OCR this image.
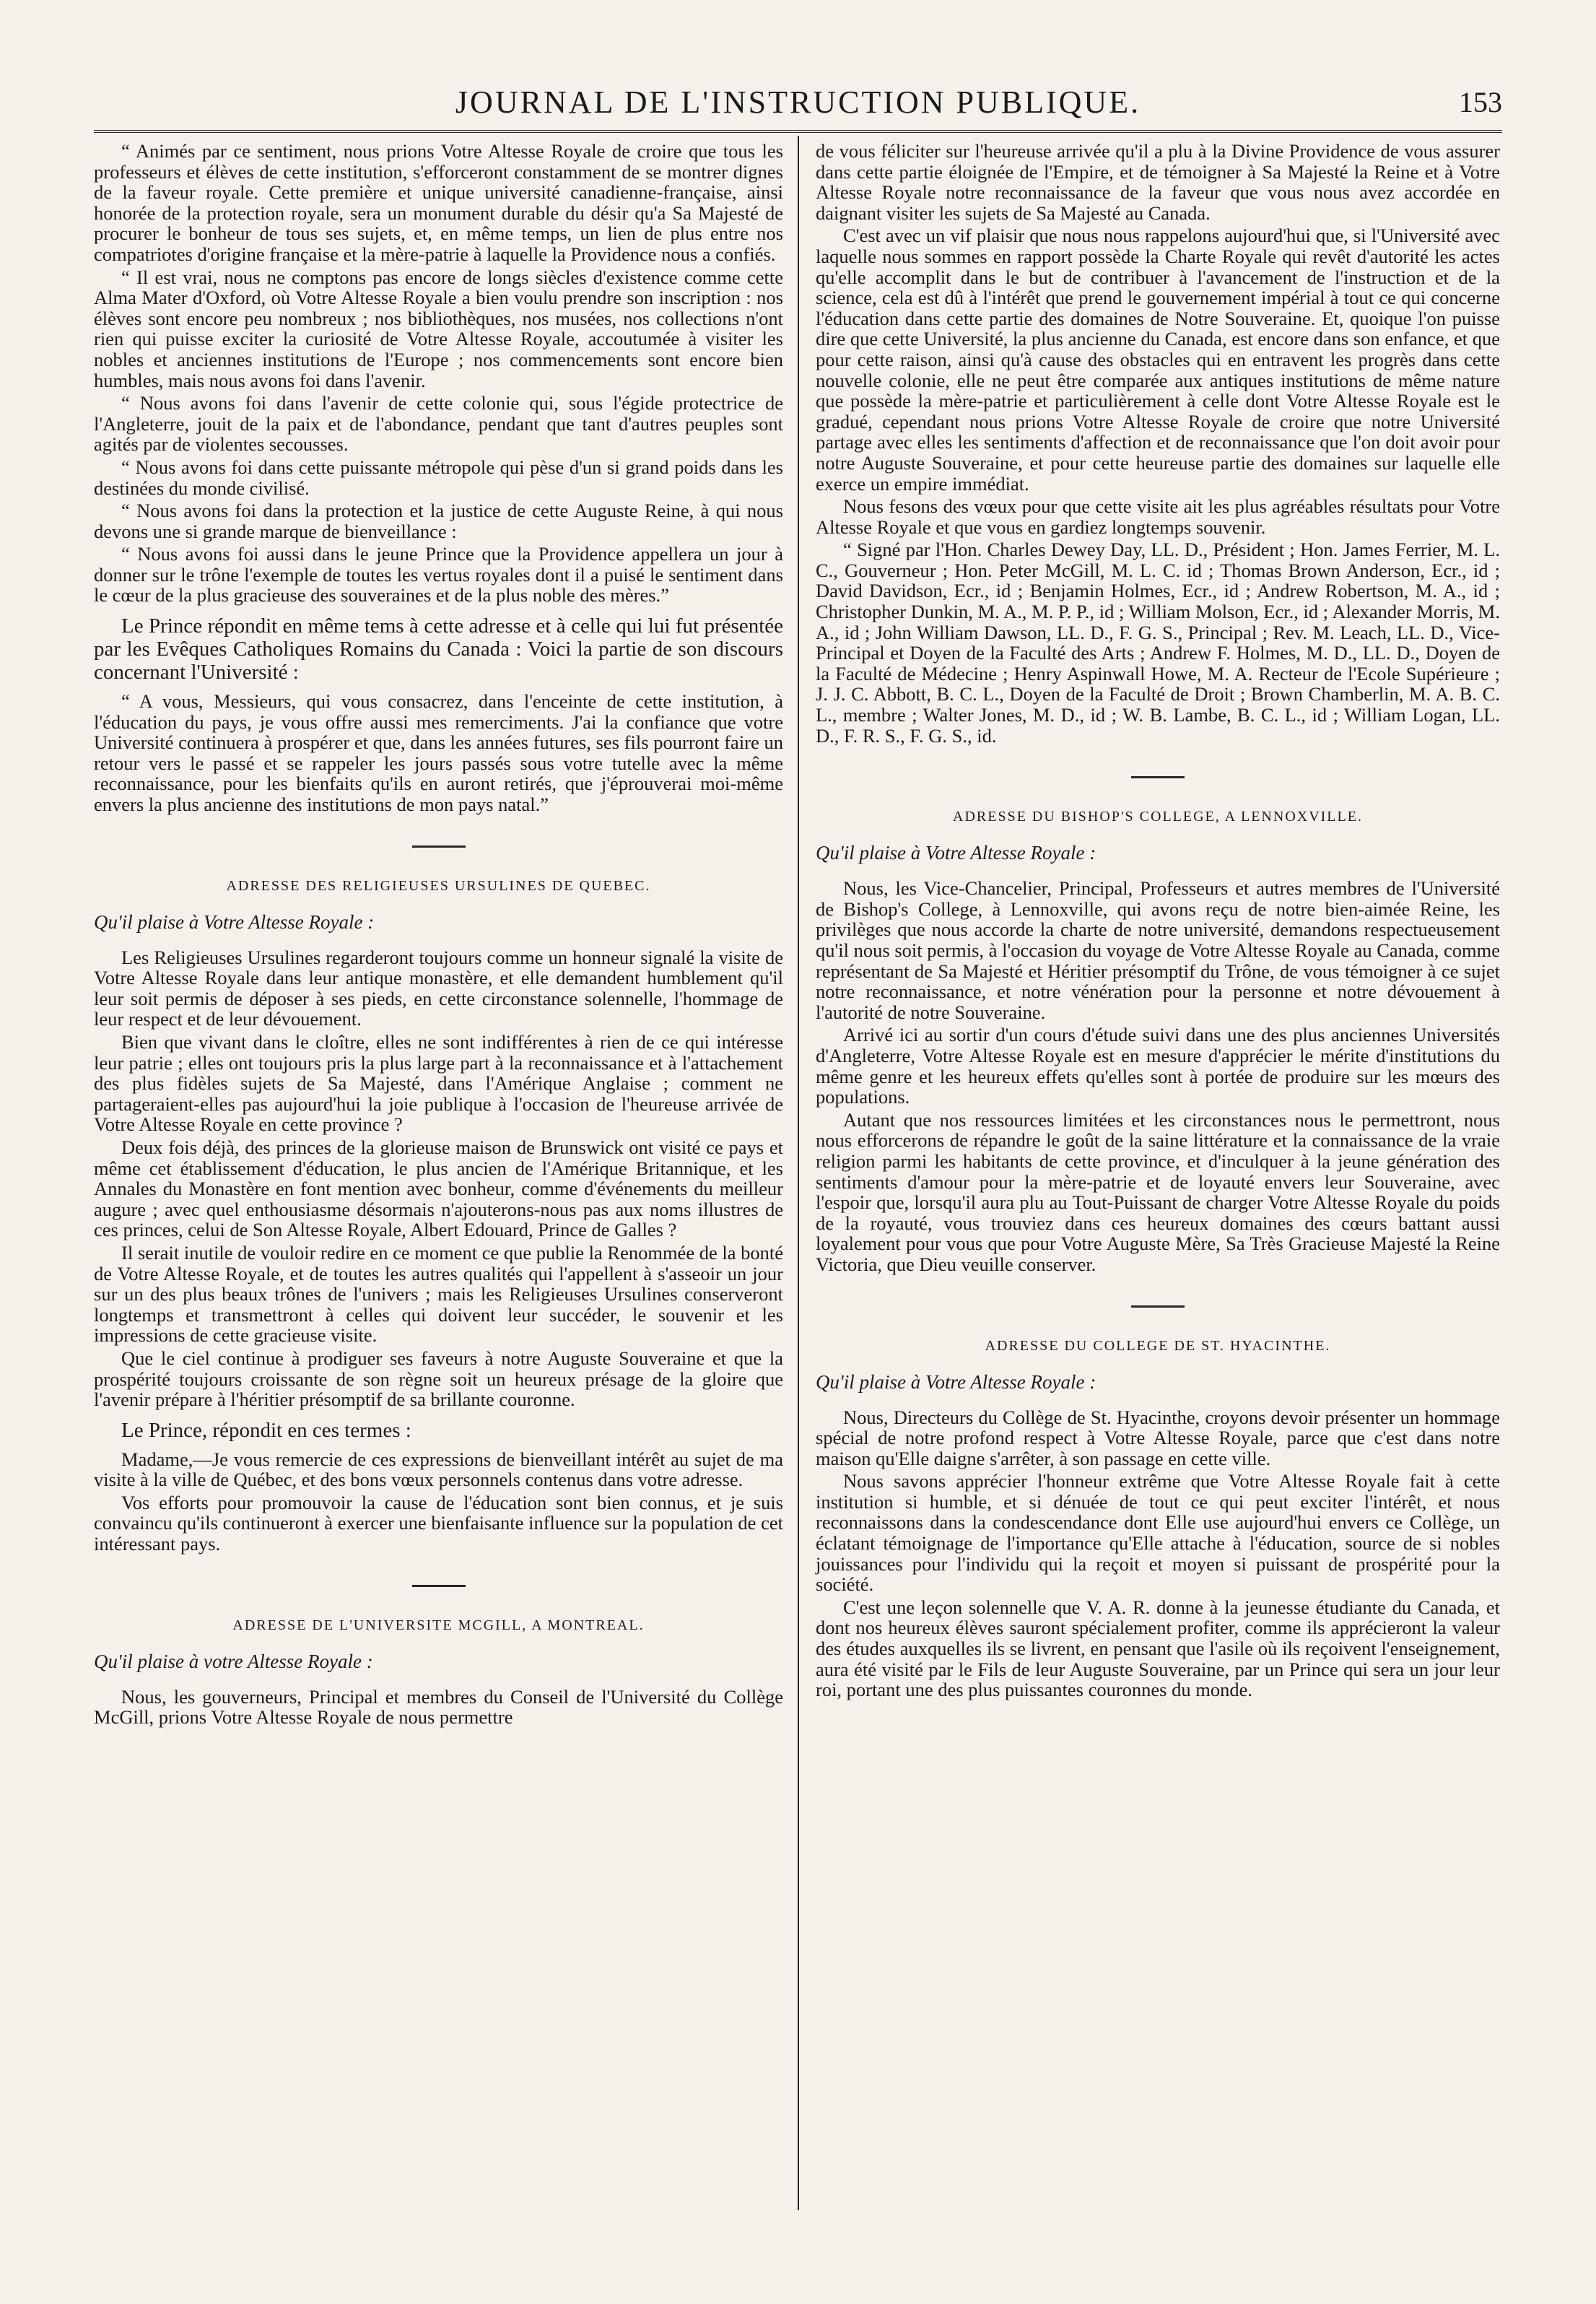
JOURNAL DE L'INSTRUCTION PUBLIQUE.	153

“ Animés par ce sentiment, nous prions Votre Altesse Royale de croire que tous les professeurs et élèves de cette institution, s'efforceront constamment de se montrer dignes de la faveur royale. Cette première et unique université canadienne-française, ainsi honorée de la protection royale, sera un monument durable du désir qu'a Sa Majesté de procurer le bonheur de tous ses sujets, et, en même temps, un lien de plus entre nos compatriotes d'origine française et la mère-patrie à laquelle la Providence nous a confiés.

“ Il est vrai, nous ne comptons pas encore de longs siècles d'existence comme cette Alma Mater d'Oxford, où Votre Altesse Royale a bien voulu prendre son inscription : nos élèves sont encore peu nombreux ; nos bibliothèques, nos musées, nos collections n'ont rien qui puisse exciter la curiosité de Votre Altesse Royale, accoutumée à visiter les nobles et anciennes institutions de l'Europe ; nos commencements sont encore bien humbles, mais nous avons foi dans l'avenir.

“ Nous avons foi dans l'avenir de cette colonie qui, sous l'égide protectrice de l'Angleterre, jouit de la paix et de l'abondance, pendant que tant d'autres peuples sont agités par de violentes secousses.

“ Nous avons foi dans cette puissante métropole qui pèse d'un si grand poids dans les destinées du monde civilisé.

“ Nous avons foi dans la protection et la justice de cette Auguste Reine, à qui nous devons une si grande marque de bienveillance :

“ Nous avons foi aussi dans le jeune Prince que la Providence appellera un jour à donner sur le trône l'exemple de toutes les vertus royales dont il a puisé le sentiment dans le cœur de la plus gracieuse des souveraines et de la plus noble des mères.”

Le Prince répondit en même tems à cette adresse et à celle qui lui fut présentée par les Evêques Catholiques Romains du Canada : Voici la partie de son discours concernant l'Université :

“ A vous, Messieurs, qui vous consacrez, dans l'enceinte de cette institution, à l'éducation du pays, je vous offre aussi mes remerciments. J'ai la confiance que votre Université continuera à prospérer et que, dans les années futures, ses fils pourront faire un retour vers le passé et se rappeler les jours passés sous votre tutelle avec la même reconnaissance, pour les bienfaits qu'ils en auront retirés, que j'éprouverai moi-même envers la plus ancienne des institutions de mon pays natal.”

ADRESSE DES RELIGIEUSES URSULINES DE QUEBEC.

Qu'il plaise à Votre Altesse Royale :

Les Religieuses Ursulines regarderont toujours comme un honneur signalé la visite de Votre Altesse Royale dans leur antique monastère, et elle demandent humblement qu'il leur soit permis de déposer à ses pieds, en cette circonstance solennelle, l'hommage de leur respect et de leur dévouement.

Bien que vivant dans le cloître, elles ne sont indifférentes à rien de ce qui intéresse leur patrie ; elles ont toujours pris la plus large part à la reconnaissance et à l'attachement des plus fidèles sujets de Sa Majesté, dans l'Amérique Anglaise ; comment ne partageraient-elles pas aujourd'hui la joie publique à l'occasion de l'heureuse arrivée de Votre Altesse Royale en cette province ?

Deux fois déjà, des princes de la glorieuse maison de Brunswick ont visité ce pays et même cet établissement d'éducation, le plus ancien de l'Amérique Britannique, et les Annales du Monastère en font mention avec bonheur, comme d'événements du meilleur augure ; avec quel enthousiasme désormais n'ajouterons-nous pas aux noms illustres de ces princes, celui de Son Altesse Royale, Albert Edouard, Prince de Galles ?

Il serait inutile de vouloir redire en ce moment ce que publie la Renommée de la bonté de Votre Altesse Royale, et de toutes les autres qualités qui l'appellent à s'asseoir un jour sur un des plus beaux trônes de l'univers ; mais les Religieuses Ursulines conserveront longtemps et transmettront à celles qui doivent leur succéder, le souvenir et les impressions de cette gracieuse visite.

Que le ciel continue à prodiguer ses faveurs à notre Auguste Souveraine et que la prospérité toujours croissante de son règne soit un heureux présage de la gloire que l'avenir prépare à l'héritier présomptif de sa brillante couronne.

Le Prince, répondit en ces termes :

Madame,—Je vous remercie de ces expressions de bienveillant intérêt au sujet de ma visite à la ville de Québec, et des bons vœux personnels contenus dans votre adresse.

Vos efforts pour promouvoir la cause de l'éducation sont bien connus, et je suis convaincu qu'ils continueront à exercer une bienfaisante influence sur la population de cet intéressant pays.

ADRESSE DE L'UNIVERSITE MCGILL, A MONTREAL.

Qu'il plaise à votre Altesse Royale :

Nous, les gouverneurs, Principal et membres du Conseil de l'Université du Collège McGill, prions Votre Altesse Royale de nous permettre

de vous féliciter sur l'heureuse arrivée qu'il a plu à la Divine Providence de vous assurer dans cette partie éloignée de l'Empire, et de témoigner à Sa Majesté la Reine et à Votre Altesse Royale notre reconnaissance de la faveur que vous nous avez accordée en daignant visiter les sujets de Sa Majesté au Canada.

C'est avec un vif plaisir que nous nous rappelons aujourd'hui que, si l'Université avec laquelle nous sommes en rapport possède la Charte Royale qui revêt d'autorité les actes qu'elle accomplit dans le but de contribuer à l'avancement de l'instruction et de la science, cela est dû à l'intérêt que prend le gouvernement impérial à tout ce qui concerne l'éducation dans cette partie des domaines de Notre Souveraine. Et, quoique l'on puisse dire que cette Université, la plus ancienne du Canada, est encore dans son enfance, et que pour cette raison, ainsi qu'à cause des obstacles qui en entravent les progrès dans cette nouvelle colonie, elle ne peut être comparée aux antiques institutions de même nature que possède la mère-patrie et particulièrement à celle dont Votre Altesse Royale est le gradué, cependant nous prions Votre Altesse Royale de croire que notre Université partage avec elles les sentiments d'affection et de reconnaissance que l'on doit avoir pour notre Auguste Souveraine, et pour cette heureuse partie des domaines sur laquelle elle exerce un empire immédiat.

Nous fesons des vœux pour que cette visite ait les plus agréables résultats pour Votre Altesse Royale et que vous en gardiez longtemps souvenir.

“ Signé par l'Hon. Charles Dewey Day, LL. D., Président ; Hon. James Ferrier, M. L. C., Gouverneur ; Hon. Peter McGill, M. L. C. id ; Thomas Brown Anderson, Ecr., id ; David Davidson, Ecr., id ; Benjamin Holmes, Ecr., id ; Andrew Robertson, M. A., id ; Christopher Dunkin, M. A., M. P. P., id ; William Molson, Ecr., id ; Alexander Morris, M. A., id ; John William Dawson, LL. D., F. G. S., Principal ; Rev. M. Leach, LL. D., Vice-Principal et Doyen de la Faculté des Arts ; Andrew F. Holmes, M. D., LL. D., Doyen de la Faculté de Médecine ; Henry Aspinwall Howe, M. A. Recteur de l'Ecole Supérieure ; J. J. C. Abbott, B. C. L., Doyen de la Faculté de Droit ; Brown Chamberlin, M. A. B. C. L., membre ; Walter Jones, M. D., id ; W. B. Lambe, B. C. L., id ; William Logan, LL. D., F. R. S., F. G. S., id.

ADRESSE DU BISHOP'S COLLEGE, A LENNOXVILLE.

Qu'il plaise à Votre Altesse Royale :

Nous, les Vice-Chancelier, Principal, Professeurs et autres membres de l'Université de Bishop's College, à Lennoxville, qui avons reçu de notre bien-aimée Reine, les privilèges que nous accorde la charte de notre université, demandons respectueusement qu'il nous soit permis, à l'occasion du voyage de Votre Altesse Royale au Canada, comme représentant de Sa Majesté et Héritier présomptif du Trône, de vous témoigner à ce sujet notre reconnaissance, et notre vénération pour la personne et notre dévouement à l'autorité de notre Souveraine.

Arrivé ici au sortir d'un cours d'étude suivi dans une des plus anciennes Universités d'Angleterre, Votre Altesse Royale est en mesure d'apprécier le mérite d'institutions du même genre et les heureux effets qu'elles sont à portée de produire sur les mœurs des populations.

Autant que nos ressources limitées et les circonstances nous le permettront, nous nous efforcerons de répandre le goût de la saine littérature et la connaissance de la vraie religion parmi les habitants de cette province, et d'inculquer à la jeune génération des sentiments d'amour pour la mère-patrie et de loyauté envers leur Souveraine, avec l'espoir que, lorsqu'il aura plu au Tout-Puissant de charger Votre Altesse Royale du poids de la royauté, vous trouviez dans ces heureux domaines des cœurs battant aussi loyalement pour vous que pour Votre Auguste Mère, Sa Très Gracieuse Majesté la Reine Victoria, que Dieu veuille conserver.

ADRESSE DU COLLEGE DE ST. HYACINTHE.

Qu'il plaise à Votre Altesse Royale :

Nous, Directeurs du Collège de St. Hyacinthe, croyons devoir présenter un hommage spécial de notre profond respect à Votre Altesse Royale, parce que c'est dans notre maison qu'Elle daigne s'arrêter, à son passage en cette ville.

Nous savons apprécier l'honneur extrême que Votre Altesse Royale fait à cette institution si humble, et si dénuée de tout ce qui peut exciter l'intérêt, et nous reconnaissons dans la condescendance dont Elle use aujourd'hui envers ce Collège, un éclatant témoignage de l'importance qu'Elle attache à l'éducation, source de si nobles jouissances pour l'individu qui la reçoit et moyen si puissant de prospérité pour la société.

C'est une leçon solennelle que V. A. R. donne à la jeunesse étudiante du Canada, et dont nos heureux élèves sauront spécialement profiter, comme ils apprécieront la valeur des études auxquelles ils se livrent, en pensant que l'asile où ils reçoivent l'enseignement, aura été visité par le Fils de leur Auguste Souveraine, par un Prince qui sera un jour leur roi, portant une des plus puissantes couronnes du monde.
